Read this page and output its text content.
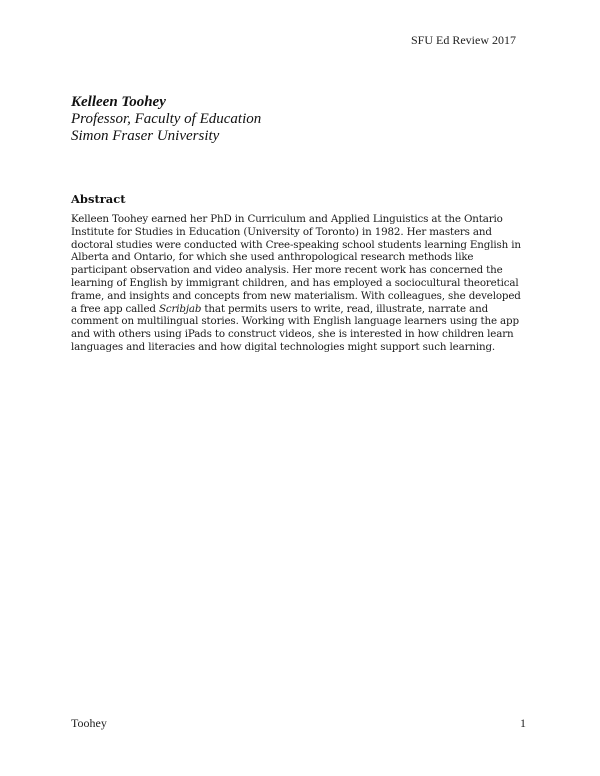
SFU Ed Review 2017
Kelleen Toohey
Professor, Faculty of Education
Simon Fraser University
Abstract
Kelleen Toohey earned her PhD in Curriculum and Applied Linguistics at the Ontario Institute for Studies in Education (University of Toronto) in 1982. Her masters and doctoral studies were conducted with Cree-speaking school students learning English in Alberta and Ontario, for which she used anthropological research methods like participant observation and video analysis. Her more recent work has concerned the learning of English by immigrant children, and has employed a sociocultural theoretical frame, and insights and concepts from new materialism. With colleagues, she developed a free app called Scribjab that permits users to write, read, illustrate, narrate and comment on multilingual stories. Working with English language learners using the app and with others using iPads to construct videos, she is interested in how children learn languages and literacies and how digital technologies might support such learning.
Toohey	1
